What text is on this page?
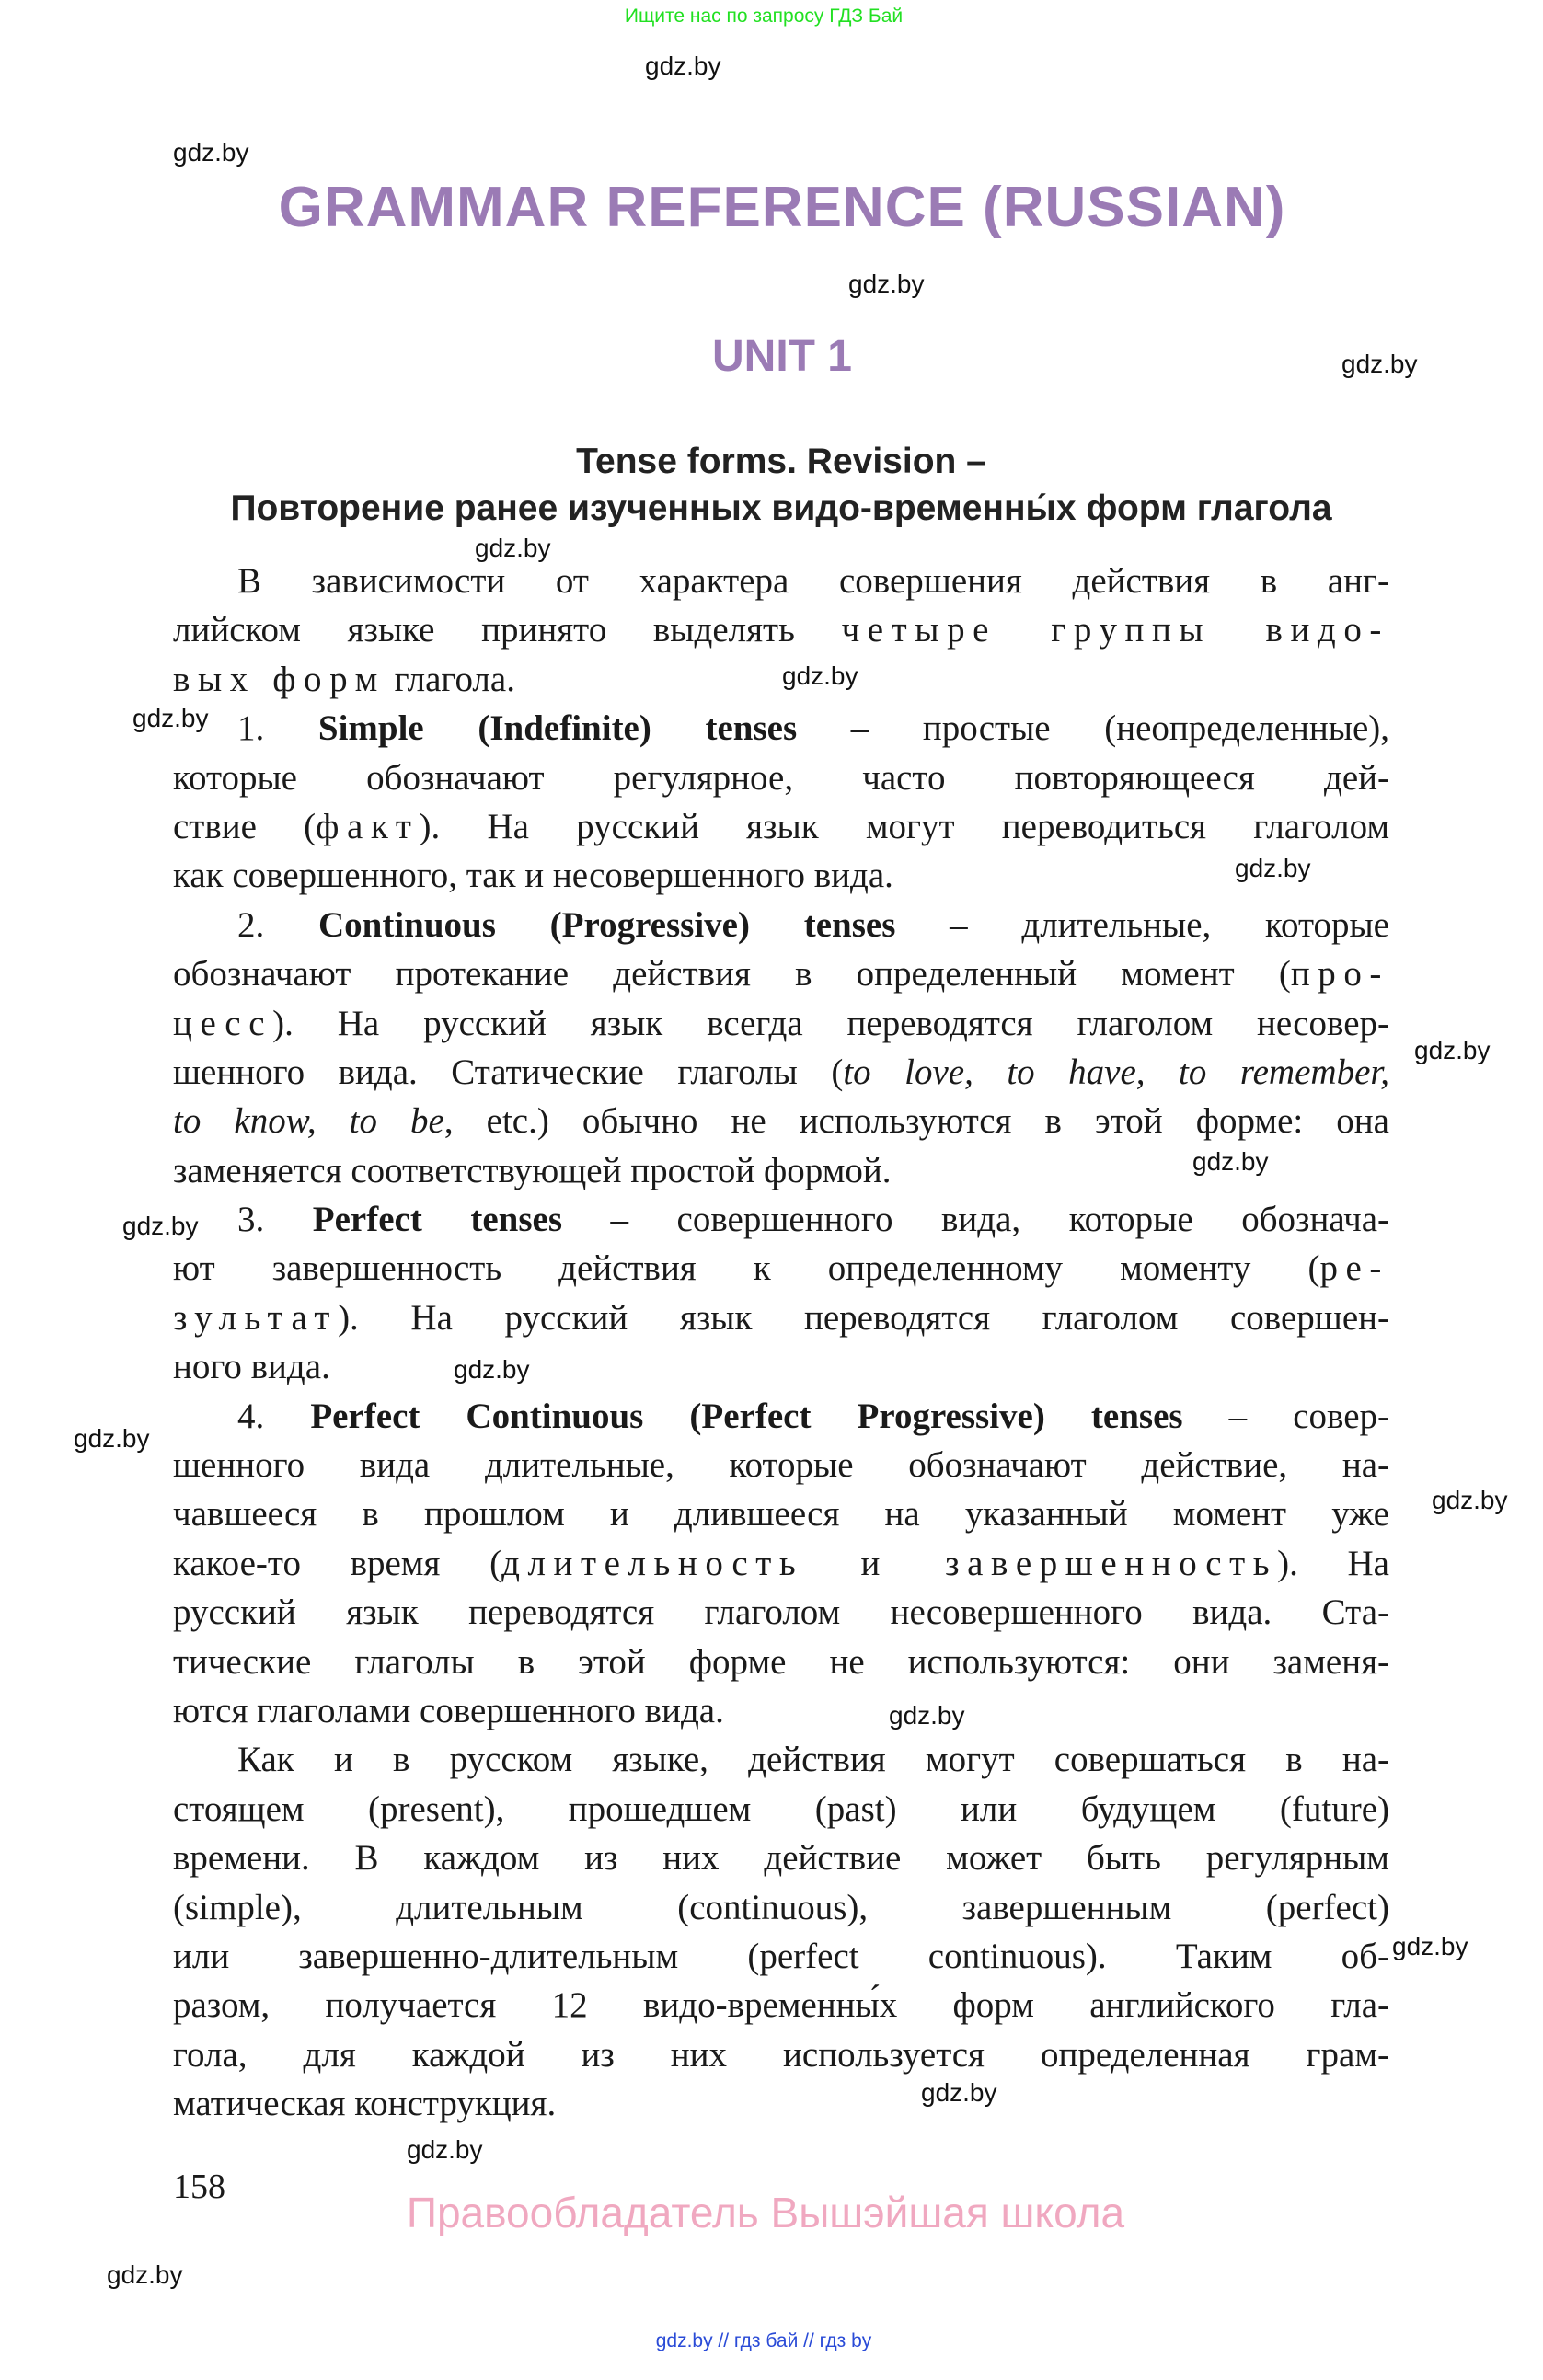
Ищите нас по запросу ГДЗ Бай
GRAMMAR REFERENCE (RUSSIAN)
UNIT 1
Tense forms. Revision –
Повторение ранее изученных видо-временны́х форм глагола
В зависимости от характера совершения действия в анг-
лийском языке принято выделять четыре группы видо-
вых форм глагола.
1. Simple (Indefinite) tenses – простые (неопределенные),
которые обозначают регулярное, часто повторяющееся дей-
ствие (факт). На русский язык могут переводиться глаголом
как совершенного, так и несовершенного вида.
2. Continuous (Progressive) tenses – длительные, которые
обозначают протекание действия в определенный момент (про-
цесс). На русский язык всегда переводятся глаголом несовер-
шенного вида. Статические глаголы (to love, to have, to remember,
to know, to be, etc.) обычно не используются в этой форме: она
заменяется соответствующей простой формой.
3. Perfect tenses – совершенного вида, которые обознача-
ют завершенность действия к определенному моменту (ре-
зультат). На русский язык переводятся глаголом совершен-
ного вида.
4. Perfect Continuous (Perfect Progressive) tenses – совер-
шенного вида длительные, которые обозначают действие, на-
чавшееся в прошлом и длившееся на указанный момент уже
какое-то время (длительность и завершенность). На
русский язык переводятся глаголом несовершенного вида. Ста-
тические глаголы в этой форме не используются: они заменя-
ются глаголами совершенного вида.
Как и в русском языке, действия могут совершаться в на-
стоящем (present), прошедшем (past) или будущем (future)
времени. В каждом из них действие может быть регулярным
(simple), длительным (continuous), завершенным (perfect)
или завершенно-длительным (perfect continuous). Таким об-
разом, получается 12 видо-временны́х форм английского гла-
гола, для каждой из них используется определенная грам-
матическая конструкция.
158
Правообладатель Вышэйшая школа
gdz.by // гдз бай // гдз by
gdz.by
gdz.by
gdz.by
gdz.by
gdz.by
gdz.by
gdz.by
gdz.by
gdz.by
gdz.by
gdz.by
gdz.by
gdz.by
gdz.by
gdz.by
gdz.by
gdz.by
gdz.by
gdz.by
